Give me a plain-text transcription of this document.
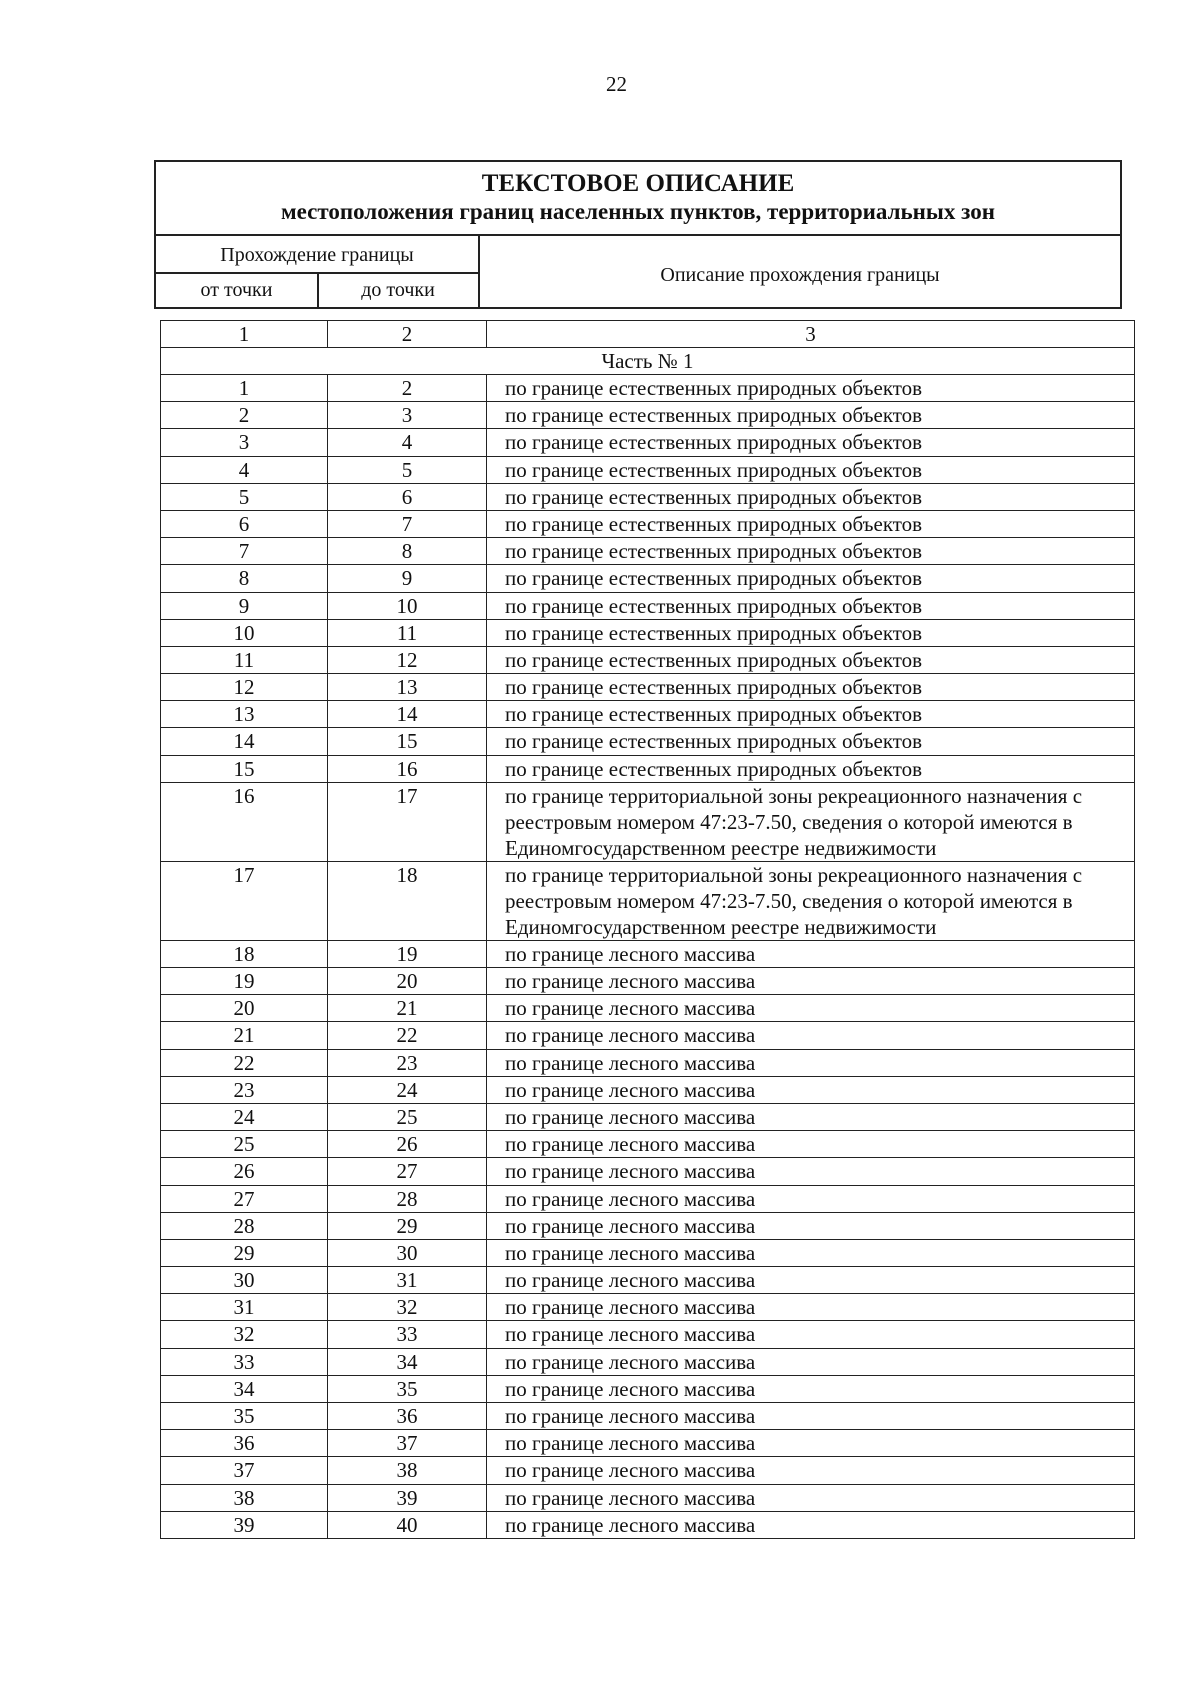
22
ТЕКСТОВОЕ ОПИСАНИЕ
местоположения границ населенных пунктов, территориальных зон
Прохождение границы
от точки	до точки
Описание прохождения границы
1	2	3
Часть № 1		
1	2	по границе естественных природных объектов
2	3	по границе естественных природных объектов
3	4	по границе естественных природных объектов
4	5	по границе естественных природных объектов
5	6	по границе естественных природных объектов
6	7	по границе естественных природных объектов
7	8	по границе естественных природных объектов
8	9	по границе естественных природных объектов
9	10	по границе естественных природных объектов
10	11	по границе естественных природных объектов
11	12	по границе естественных природных объектов
12	13	по границе естественных природных объектов
13	14	по границе естественных природных объектов
14	15	по границе естественных природных объектов
15	16	по границе естественных природных объектов
16	17	по границе территориальной зоны рекреационного назначения с реестровым номером 47:23-7.50, сведения о которой имеются в Единомгосударственном реестре недвижимости
17	18	по границе территориальной зоны рекреационного назначения с реестровым номером 47:23-7.50, сведения о которой имеются в Единомгосударственном реестре недвижимости
18	19	по границе лесного массива
19	20	по границе лесного массива
20	21	по границе лесного массива
21	22	по границе лесного массива
22	23	по границе лесного массива
23	24	по границе лесного массива
24	25	по границе лесного массива
25	26	по границе лесного массива
26	27	по границе лесного массива
27	28	по границе лесного массива
28	29	по границе лесного массива
29	30	по границе лесного массива
30	31	по границе лесного массива
31	32	по границе лесного массива
32	33	по границе лесного массива
33	34	по границе лесного массива
34	35	по границе лесного массива
35	36	по границе лесного массива
36	37	по границе лесного массива
37	38	по границе лесного массива
38	39	по границе лесного массива
39	40	по границе лесного массива
